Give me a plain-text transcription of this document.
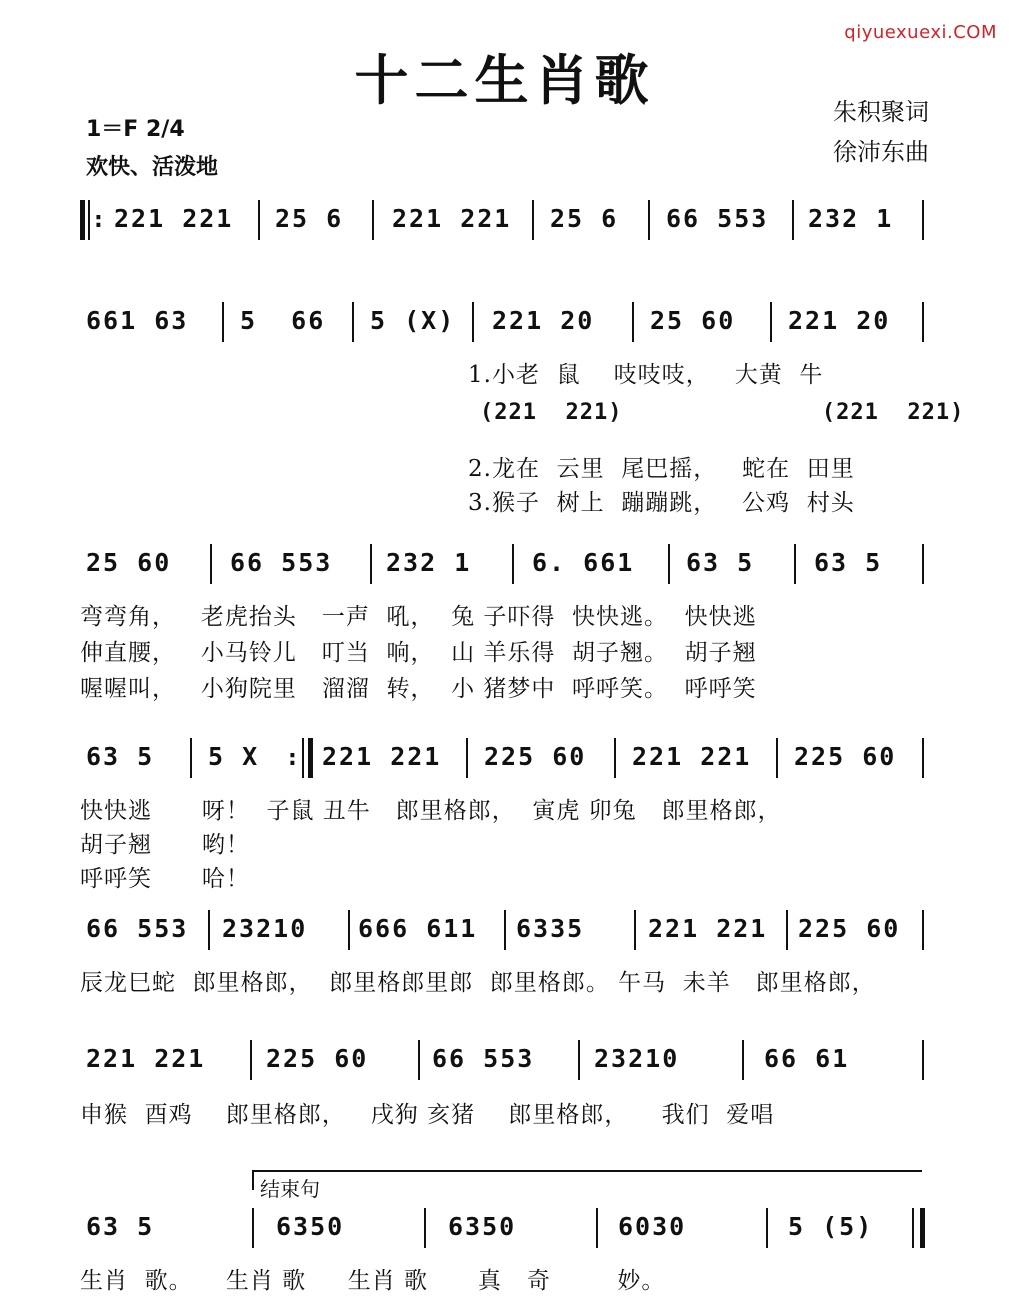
qiyuexuexi.COM
十二生肖歌
1＝F 2/4
欢快、活泼地
朱积聚词
徐沛东曲
: 221 221 25 6 221 221 25 6 66 553 232 1
661 63 5  66 5 (X) 221 20 25 60 221 20
1.小老  鼠    吱吱吱，   大黄  牛
(221  221)              (221  221)
2.龙在  云里  尾巴摇，   蛇在  田里
3.猴子  树上  蹦蹦跳，   公鸡  村头
25 60 66 553 232 1 6. 661 63 5 63 5
弯弯角，   老虎抬头   一声  吼，  兔 子吓得  快快逃。  快快逃
伸直腰，   小马铃儿   叮当  响，  山 羊乐得  胡子翘。  胡子翘
喔喔叫，   小狗院里   溜溜  转，  小 猪梦中  呼呼笑。  呼呼笑
63 5 5 X : 221 221 225 60 221 221 225 60
快快逃      呀！  子鼠 丑牛   郎里格郎，  寅虎 卯兔   郎里格郎，
胡子翘      哟！
呼呼笑      哈！
66 553 23210 666 611 6335	221 221 225 60
辰龙巳蛇  郎里格郎，  郎里格郎里郎  郎里格郎。 午马  未羊   郎里格郎，
221 221 225 60	66 553 23210	66 61
申猴  酉鸡    郎里格郎，   戌狗 亥猪    郎里格郎，    我们  爱唱
结束句
63 5	6350	6350	6030	5 (5)
生肖  歌。    生肖 歌     生肖 歌      真   奇        妙。
